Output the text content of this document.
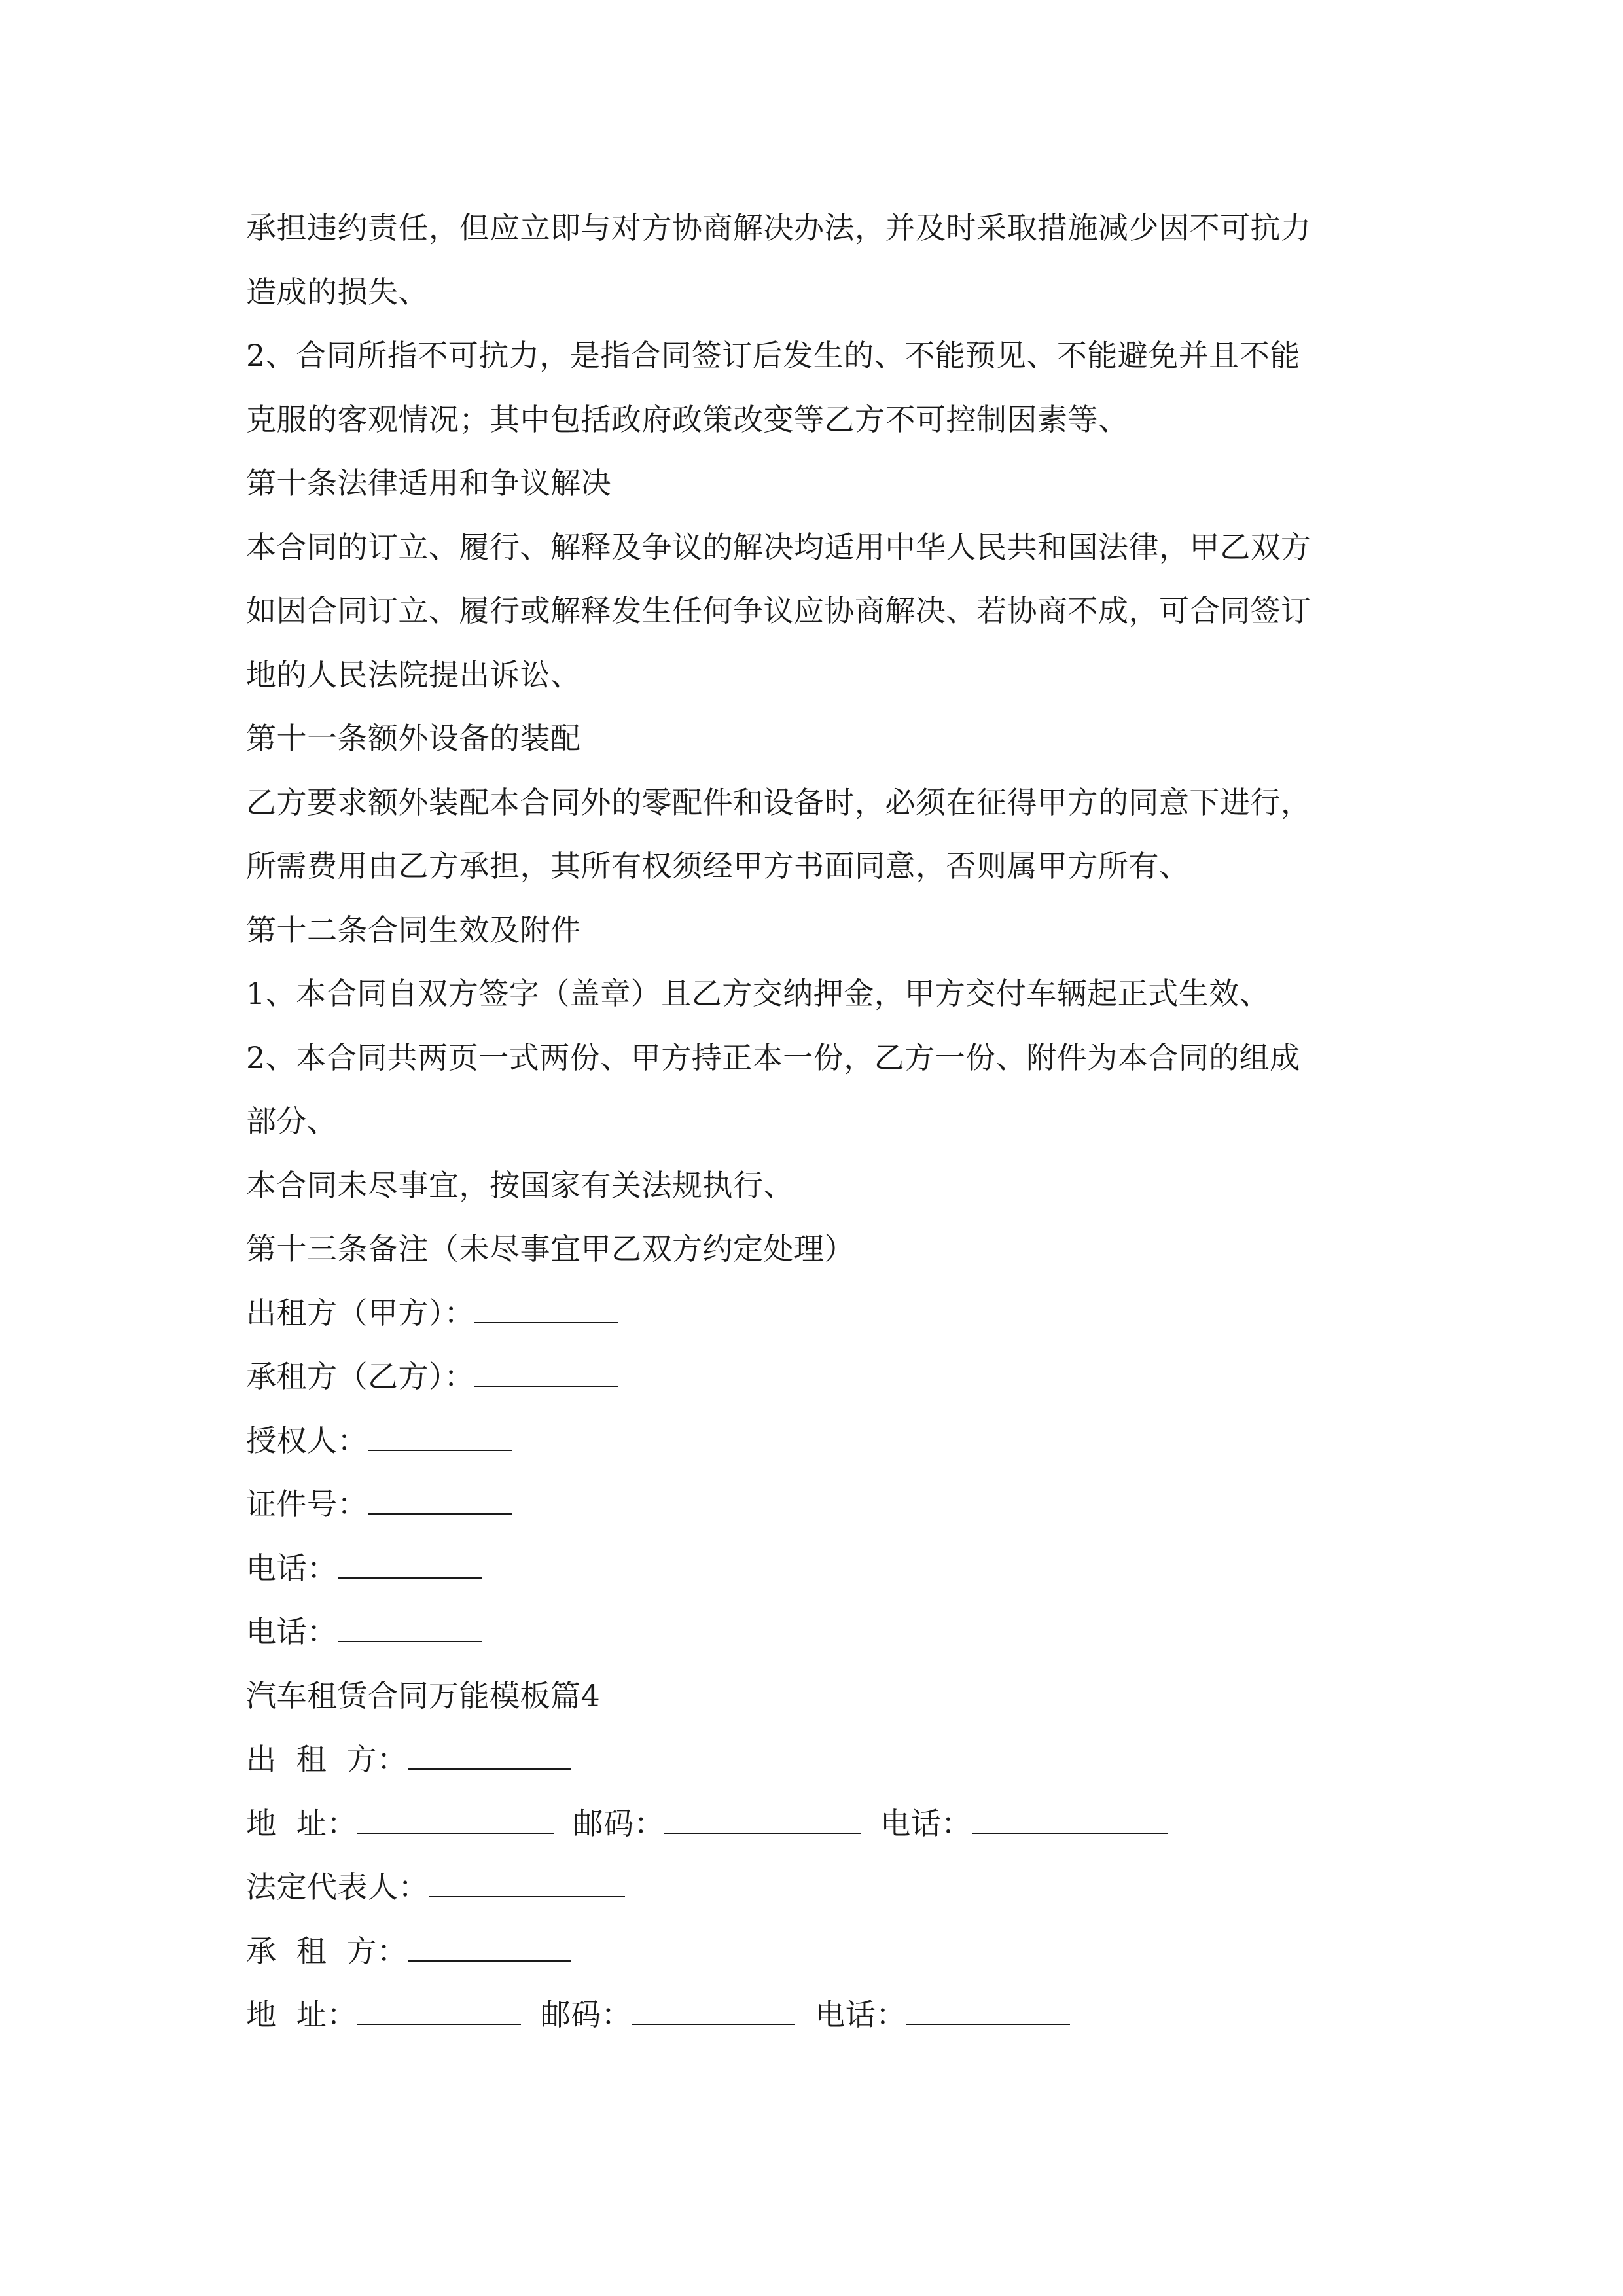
承担违约责任，但应立即与对方协商解决办法，并及时采取措施减少因不可抗力
造成的损失、
2、合同所指不可抗力，是指合同签订后发生的、不能预见、不能避免并且不能
克服的客观情况；其中包括政府政策改变等乙方不可控制因素等、
第十条法律适用和争议解决
本合同的订立、履行、解释及争议的解决均适用中华人民共和国法律，甲乙双方
如因合同订立、履行或解释发生任何争议应协商解决、若协商不成，可合同签订
地的人民法院提出诉讼、
第十一条额外设备的装配
乙方要求额外装配本合同外的零配件和设备时，必须在征得甲方的同意下进行，
所需费用由乙方承担，其所有权须经甲方书面同意，否则属甲方所有、
第十二条合同生效及附件
1、本合同自双方签字（盖章）且乙方交纳押金，甲方交付车辆起正式生效、
2、本合同共两页一式两份、甲方持正本一份，乙方一份、附件为本合同的组成
部分、
本合同未尽事宜，按国家有关法规执行、
第十三条备注（未尽事宜甲乙双方约定处理）
出租方（甲方）：
承租方（乙方）：
授权人：
证件号：
电话：
电话：
汽车租赁合同万能模板篇4
出  租  方：
地  址：	邮码：	电话：
法定代表人：
承  租  方：
地  址：	邮码：	电话：
